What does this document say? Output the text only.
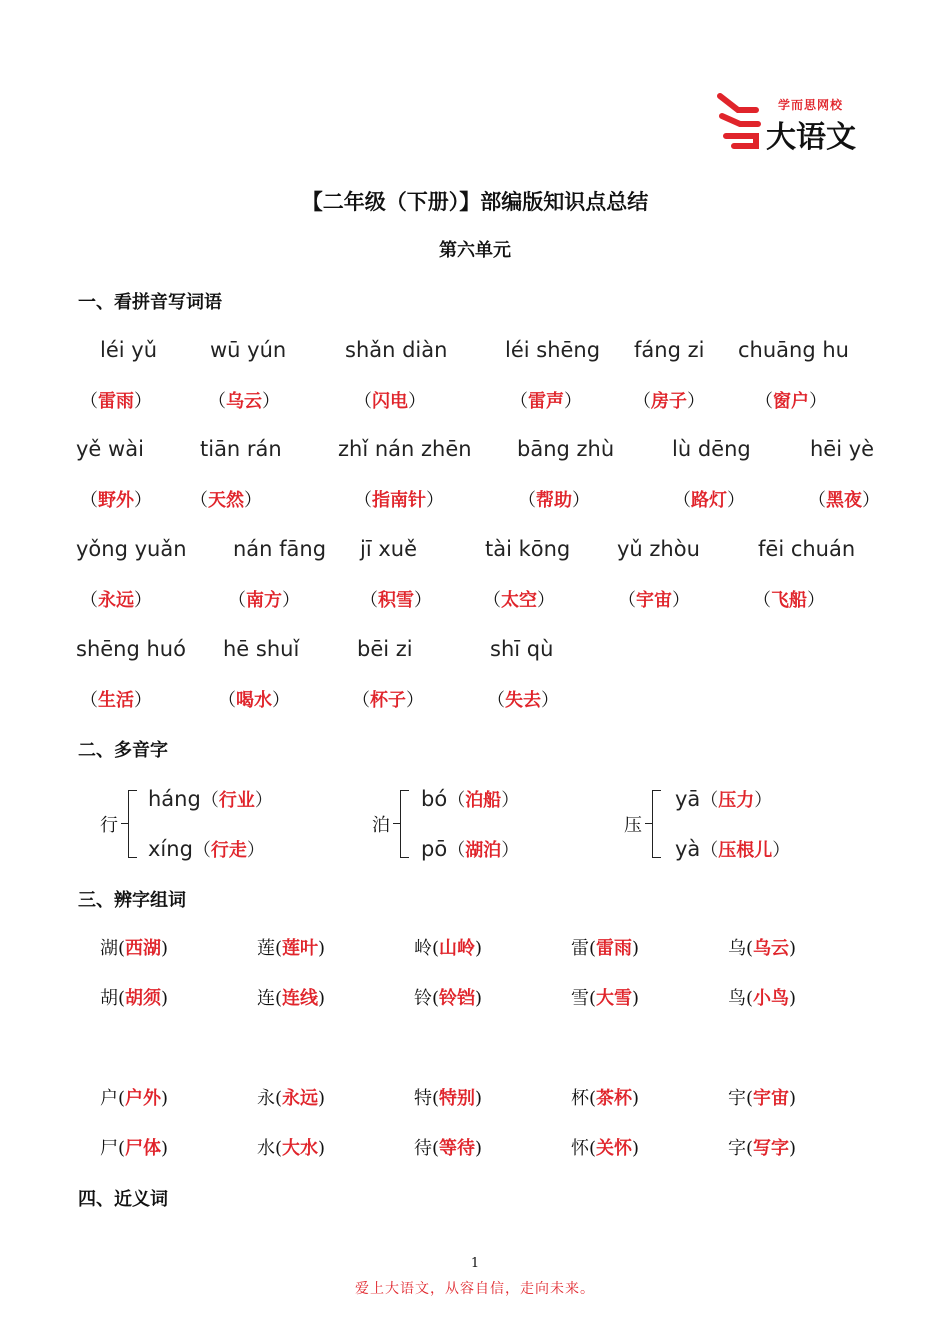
学而思网校
大语文
【二年级（下册）】部编版知识点总结
第六单元
一、看拼音写词语
léi yǔ
（雷雨）
wū yún
（乌云）
shǎn diàn
（闪电）
léi shēng
（雷声）
fáng zi
（房子）
chuāng hu
（窗户）
yě wài
（野外）
tiān rán
（天然）
zhǐ nán zhēn
（指南针）
bāng zhù
（帮助）
lù dēng
（路灯）
hēi yè
（黑夜）
yǒng yuǎn
（永远）
nán fāng
（南方）
jī xuě
（积雪）
tài kōng
（太空）
yǔ zhòu
（宇宙）
fēi chuán
（飞船）
shēng huó
（生活）
hē shuǐ
（喝水）
bēi zi
（杯子）
shī qù
（失去）
二、多音字
行
háng（行业）
xíng（行走）
泊
bó（泊船）
pō（湖泊）
压
yā（压力）
yà（压根儿）
三、辨字组词
湖(西湖)	莲(莲叶)	岭(山岭)	雷(雷雨)	乌(乌云)
胡(胡须)	连(连线)	铃(铃铛)	雪(大雪)	鸟(小鸟)
户(户外)	永(永远)	特(特别)	杯(茶杯)	宇(宇宙)
尸(尸体)	水(大水)	待(等待)	怀(关怀)	字(写字)
四、近义词
1
爱上大语文，从容自信，走向未来。
